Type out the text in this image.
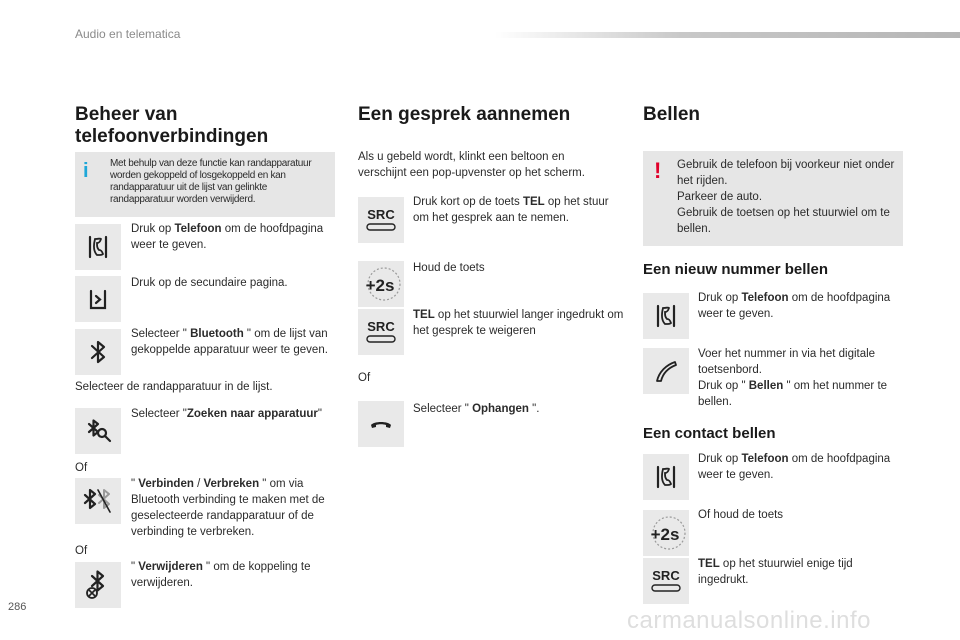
Audio en telematica
Beheer van
telefoonverbindingen
i Met behulp van deze functie kan randapparatuur worden gekoppeld of losgekoppeld en kan randapparatuur uit de lijst van gelinkte randapparatuur worden verwijderd.
Druk op Telefoon om de hoofdpagina weer te geven.
Druk op de secundaire pagina.
Selecteer " Bluetooth " om de lijst van gekoppelde apparatuur weer te geven.
Selecteer de randapparatuur in de lijst.
Selecteer "Zoeken naar apparatuur"
Of
" Verbinden / Verbreken " om via Bluetooth verbinding te maken met de geselecteerde randapparatuur of de verbinding te verbreken.
Of
" Verwijderen " om de koppeling te verwijderen.
Een gesprek aannemen
Als u gebeld wordt, klinkt een beltoon en verschijnt een pop-upvenster op het scherm.
SRC
Druk kort op de toets TEL op het stuur om het gesprek aan te nemen.
+2s
Houd de toets
SRC
TEL op het stuurwiel langer ingedrukt om het gesprek te weigeren
Of
Selecteer " Ophangen ".
Bellen
! Gebruik de telefoon bij voorkeur niet onder het rijden.
Parkeer de auto.
Gebruik de toetsen op het stuurwiel om te bellen.
Een nieuw nummer bellen
Druk op Telefoon om de hoofdpagina weer te geven.
Voer het nummer in via het digitale toetsenbord.
Druk op " Bellen " om het nummer te bellen.
Een contact bellen
Druk op Telefoon om de hoofdpagina weer te geven.
+2s
Of houd de toets
SRC
TEL op het stuurwiel enige tijd ingedrukt.
286	carmanualsonline.info
